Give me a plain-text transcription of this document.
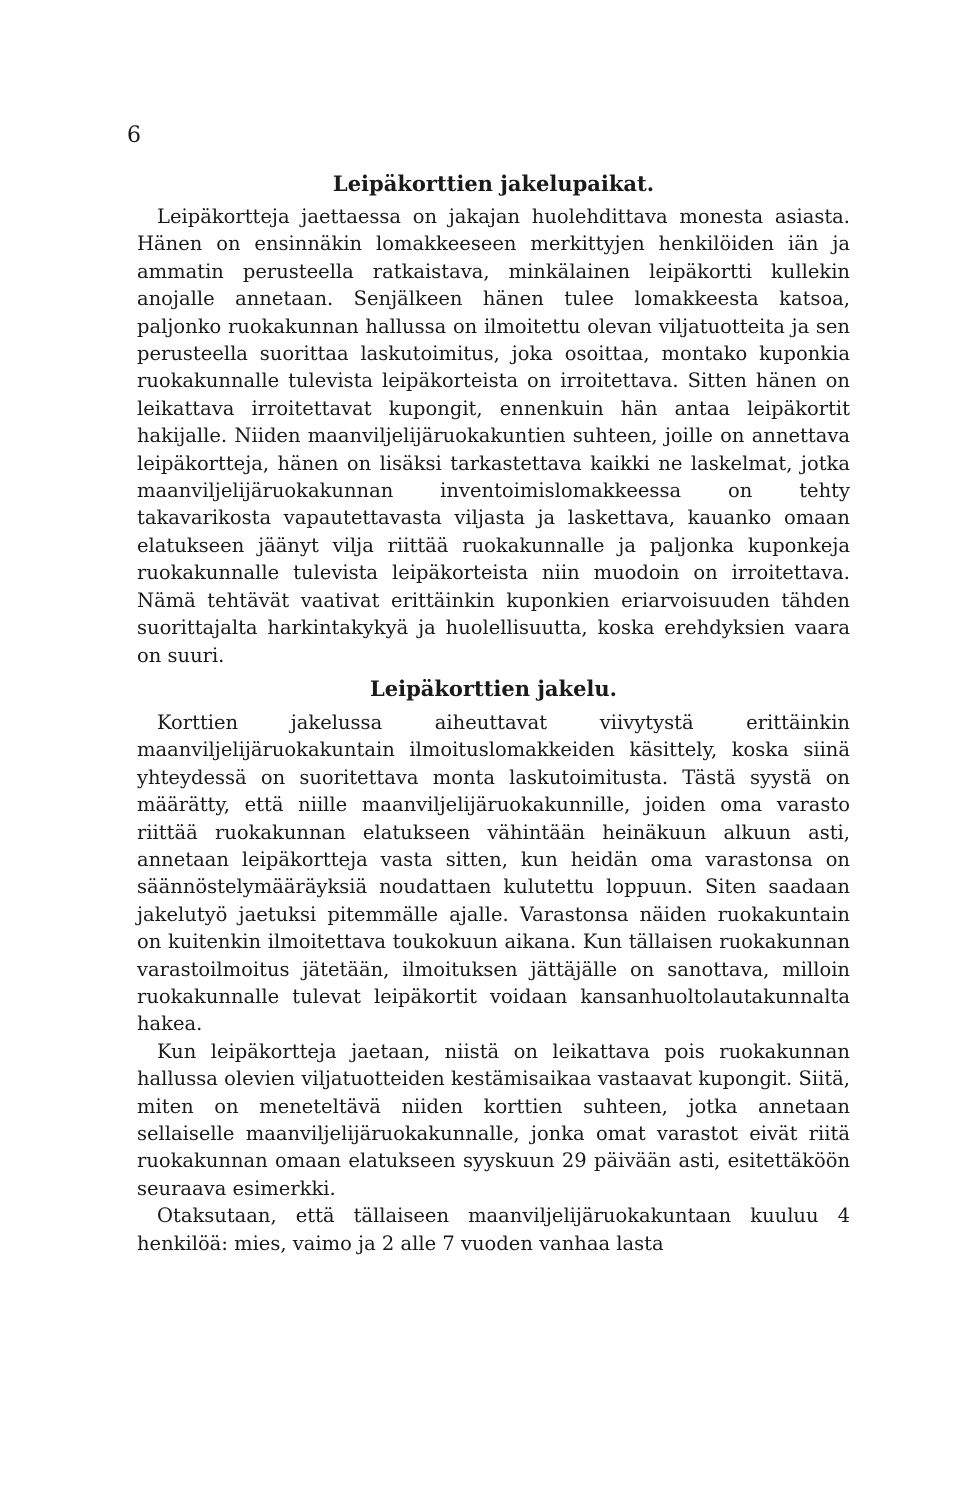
6
Leipäkorttien jakelupaikat.

Leipäkortteja jaettaessa on jakajan huolehdittava monesta asiasta. Hänen on ensinnäkin lomakkeeseen merkittyjen henkilöiden iän ja ammatin perusteella ratkaistava, minkälainen leipäkortti kullekin anojalle annetaan. Senjälkeen hänen tulee lomakkeesta katsoa, paljonko ruokakunnan hallussa on ilmoitettu olevan viljatuotteita ja sen perusteella suorittaa laskutoimitus, joka osoittaa, montako kuponkia ruokakunnalle tulevista leipäkorteista on irroitettava. Sitten hänen on leikattava irroitettavat kupongit, ennenkuin hän antaa leipäkortit hakijalle. Niiden maanviljelijäruokakuntien suhteen, joille on annettava leipäkortteja, hänen on lisäksi tarkastettava kaikki ne laskelmat, jotka maanviljelijäruokakunnan inventoimislomakkeessa on tehty takavarikosta vapautettavasta viljasta ja laskettava, kauanko omaan elatukseen jäänyt vilja riittää ruokakunnalle ja paljonka kuponkeja ruokakunnalle tulevista leipäkorteista niin muodoin on irroitettava. Nämä tehtävät vaativat erittäinkin kuponkien eriarvoisuuden tähden suorittajalta harkintakykyä ja huolellisuutta, koska erehdyksien vaara on suuri.

Leipäkorttien jakelu.

Korttien jakelussa aiheuttavat viivytystä erittäinkin maanviljelijäruokakuntain ilmoituslomakkeiden käsittely, koska siinä yhteydessä on suoritettava monta laskutoimitusta. Tästä syystä on määrätty, että niille maanviljelijäruokakunnille, joiden oma varasto riittää ruokakunnan elatukseen vähintään heinäkuun alkuun asti, annetaan leipäkortteja vasta sitten, kun heidän oma varastonsa on säännöstelymääräyksiä noudattaen kulutettu loppuun. Siten saadaan jakelutyö jaetuksi pitemmälle ajalle. Varastonsa näiden ruokakuntain on kuitenkin ilmoitettava toukokuun aikana. Kun tällaisen ruokakunnan varastoilmoitus jätetään, ilmoituksen jättäjälle on sanottava, milloin ruokakunnalle tulevat leipäkortit voidaan kansanhuoltolautakunnalta hakea.

Kun leipäkortteja jaetaan, niistä on leikattava pois ruokakunnan hallussa olevien viljatuotteiden kestämisaikaa vastaavat kupongit. Siitä, miten on meneteltävä niiden korttien suhteen, jotka annetaan sellaiselle maanviljelijäruokakunnalle, jonka omat varastot eivät riitä ruokakunnan omaan elatukseen syyskuun 29 päivään asti, esitettäköön seuraava esimerkki.

Otaksutaan, että tällaiseen maanviljelijäruokakuntaan kuuluu 4 henkilöä: mies, vaimo ja 2 alle 7 vuoden vanhaa lasta
